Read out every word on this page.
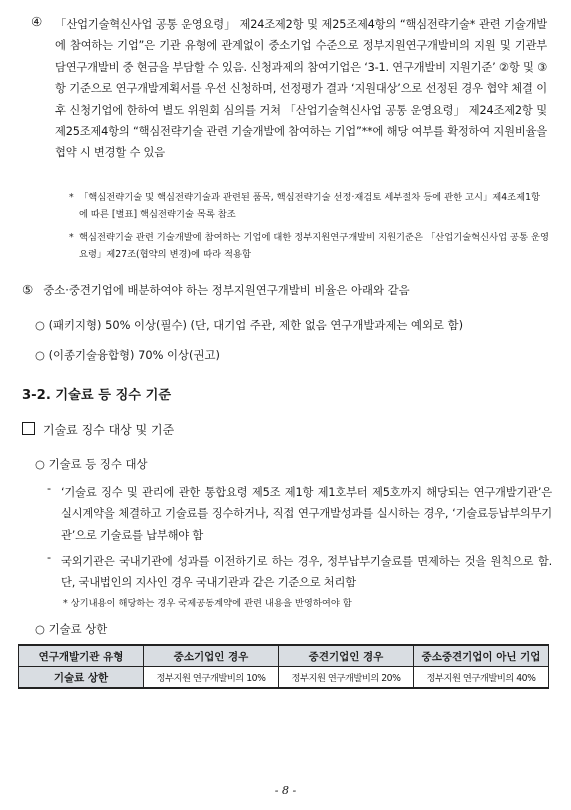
④ 「산업기술혁신사업 공통 운영요령」 제24조제2항 및 제25조제4항의 “핵심전략기술* 관련 기술개발에 참여하는 기업”은 기관 유형에 관계없이 중소기업 수준으로 정부지원연구개발비의 지원 및 기관부담연구개발비 중 현금을 부담할 수 있음. 신청과제의 참여기업은 ‘3-1. 연구개발비 지원기준’ ②항 및 ③항 기준으로 연구개발계획서를 우선 신청하며, 선정평가 결과 ‘지원대상’으로 선정된 경우 협약 체결 이후 신청기업에 한하여 별도 위원회 심의를 거쳐 「산업기술혁신사업 공통 운영요령」 제24조제2항 및 제25조제4항의 “핵심전략기술 관련 기술개발에 참여하는 기업”**에 해당 여부를 확정하여 지원비율을 협약 시 변경할 수 있음
* 「핵심전략기술 및 핵심전략기술과 관련된 품목, 핵심전략기술 선정·재검토 세부절차 등에 관한 고시」제4조제1항에 따른 [별표] 핵심전략기술 목록 참조
* 핵심전략기술 관련 기술개발에 참여하는 기업에 대한 정부지원연구개발비 지원기준은 「산업기술혁신사업 공통 운영요령」제27조(협약의 변경)에 따라 적용함
⑤ 중소·중견기업에 배분하여야 하는 정부지원연구개발비 비율은 아래와 같음
○ (패키지형) 50% 이상(필수) (단, 대기업 주관, 제한 없음 연구개발과제는 예외로 함)
○ (이종기술융합형) 70% 이상(권고)
3-2. 기술료 등 징수 기준
기술료 징수 대상 및 기준
○ 기술료 등 징수 대상
- ‘기술료 징수 및 관리에 관한 통합요령 제5조 제1항 제1호부터 제5호까지 해당되는 연구개발기관’은 실시계약을 체결하고 기술료를 징수하거나, 직접 연구개발성과를 실시하는 경우, ‘기술료등납부의무기관’으로 기술료를 납부해야 함
- 국외기관은 국내기관에 성과를 이전하기로 하는 경우, 정부납부기술료를 면제하는 것을 원칙으로 함. 단, 국내법인의 지사인 경우 국내기관과 같은 기준으로 처리함
* 상기내용이 해당하는 경우 국제공동계약에 관련 내용을 반영하여야 함
○ 기술료 상한
연구개발기관 유형	중소기업인 경우	중견기업인 경우	중소중견기업이 아닌 기업
기술료 상한	정부지원 연구개발비의 10%	정부지원 연구개발비의 20%	정부지원 연구개발비의 40%
- 8 -
